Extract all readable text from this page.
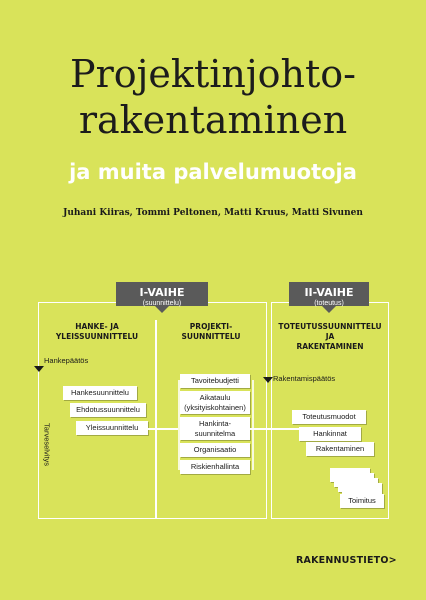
Projektinjohto-
rakentaminen
ja muita palvelumuotoja
Juhani Kiiras, Tommi Peltonen, Matti Kruus, Matti Sivunen
I-VAIHE
(suunnittelu)
II-VAIHE
(toteutus)
HANKE- JA
YLEISSUUNNITTELU
PROJEKTI-
SUUNNITTELU
TOTEUTUSSUUNNITTELU JA
RAKENTAMINEN
Hankepäätös
Tarveselvitys
Hankesuunnittelu
Ehdotussuunnittelu
Yleissuunnittelu
Tavoitebudjetti
Aikataulu
(yksityiskohtainen)
Hankinta-
suunnitelma
Organisaatio
Riskienhallinta
Rakentamispäätös
Toteutusmuodot
Hankinnat
Rakentaminen
Toimitus
RAKENNUSTIETO>
